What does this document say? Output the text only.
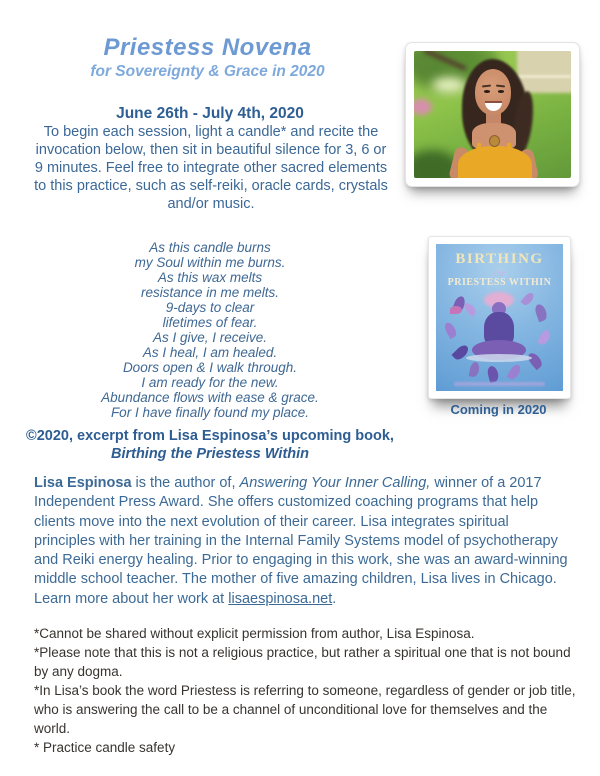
Priestess Novena
for Sovereignty & Grace in 2020
June 26th - July 4th, 2020
To begin each session, light a candle* and recite the invocation below, then sit in beautiful silence for 3, 6 or 9 minutes. Feel free to integrate other sacred elements to this practice, such as self-reiki, oracle cards, crystals and/or music.
As this candle burns
my Soul within me burns.
As this wax melts
resistance in me melts.
9-days to clear
lifetimes of fear.
As I give, I receive.
As I heal, I am healed.
Doors open & I walk through.
I am ready for the new.
Abundance flows with ease & grace.
For I have finally found my place.
©2020, excerpt from Lisa Espinosa’s upcoming book,
Birthing the Priestess Within
BIRTHING
the
PRIESTESS WITHIN
Coming in 2020
Lisa Espinosa is the author of, Answering Your Inner Calling, winner of a 2017 Independent Press Award. She offers customized coaching programs that help clients move into the next evolution of their career. Lisa integrates spiritual principles with her training in the Internal Family Systems model of psychotherapy and Reiki energy healing. Prior to engaging in this work, she was an award-winning middle school teacher. The mother of five amazing children, Lisa lives in Chicago. Learn more about her work at lisaespinosa.net.

*Cannot be shared without explicit permission from author, Lisa Espinosa.

*Please note that this is not a religious practice, but rather a spiritual one that is not bound by any dogma.

*In Lisa’s book the word Priestess is referring to someone, regardless of gender or job title, who is answering the call to be a channel of unconditional love for themselves and the world.

* Practice candle safety
